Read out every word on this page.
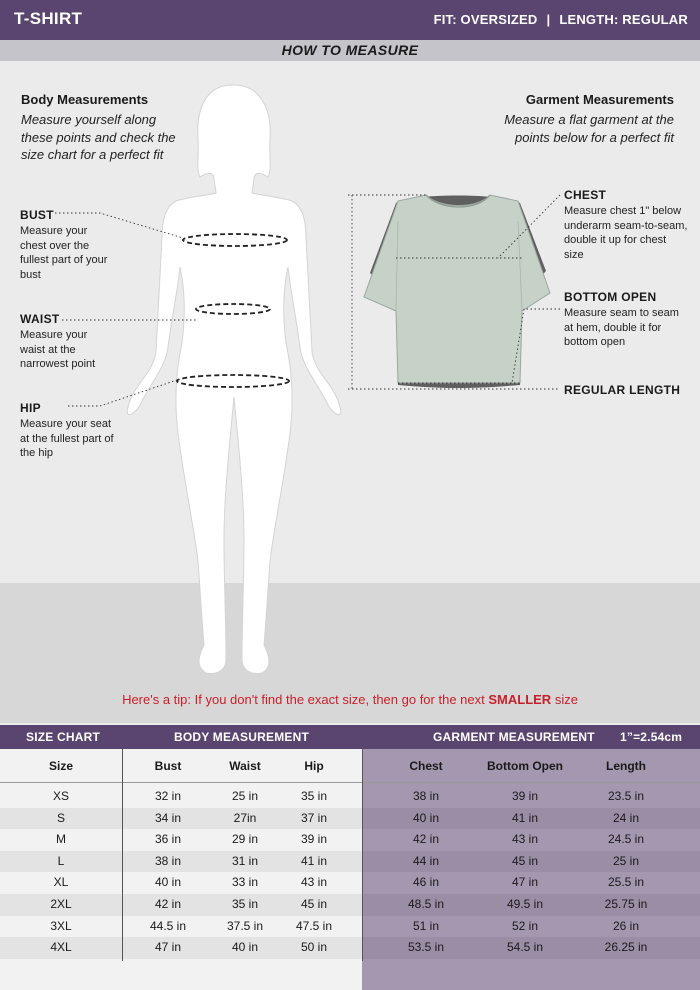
T-SHIRT	FIT: OVERSIZED | LENGTH: REGULAR
HOW TO MEASURE
Body Measurements
Measure yourself along these points and check the size chart for a perfect fit
BUST
Measure your chest over the fullest part of your bust
WAIST
Measure your waist at the narrowest point
HIP
Measure your seat at the fullest part of the hip
Garment Measurements
Measure a flat garment at the points below for a perfect fit
CHEST
Measure chest 1" below underarm seam-to-seam, double it up for chest size
BOTTOM OPEN
Measure seam to seam at hem, double it for bottom open
REGULAR LENGTH
Here's a tip: If you don't find the exact size, then go for the next SMALLER size
SIZE CHART	BODY MEASUREMENT	GARMENT MEASUREMENT 1”=2.54cm
Size	Bust	Waist	Hip	Chest	Bottom Open	Length
XS	32 in	25 in	35 in	38 in	39 in	23.5 in
S	34 in	27in	37 in	40 in	41 in	24 in
M	36 in	29 in	39 in	42 in	43 in	24.5 in
L	38 in	31 in	41 in	44 in	45 in	25 in
XL	40 in	33 in	43 in	46 in	47 in	25.5 in
2XL	42 in	35 in	45 in	48.5 in	49.5 in	25.75 in
3XL	44.5 in	37.5 in	47.5 in	51 in	52 in	26 in
4XL	47 in	40 in	50 in	53.5 in	54.5 in	26.25 in
